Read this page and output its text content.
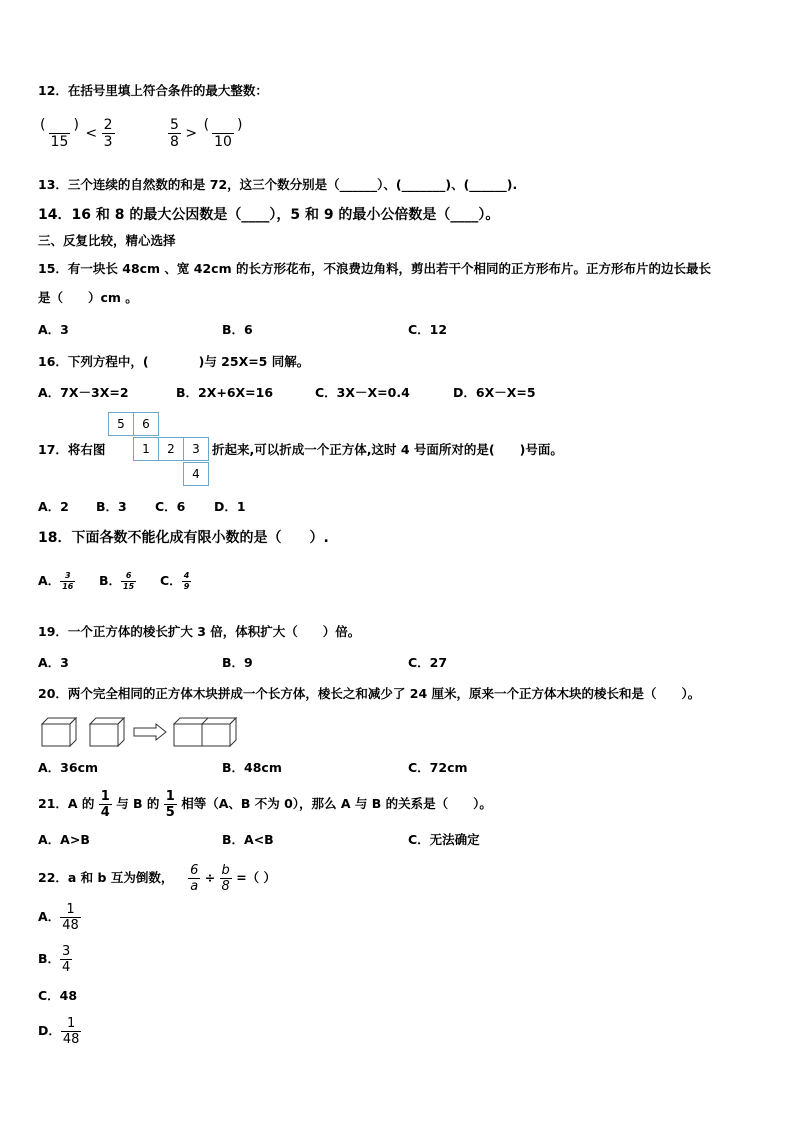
12．在括号里填上符合条件的最大整数：
$\frac{( )}{15} < \frac{2}{3}$	$\frac{5}{8} > \frac{( )}{10}$
13．三个连续的自然数的和是 72，这三个数分别是（______）、(_______)、(______).
14．16 和 8 的最大公因数是（____），5 和 9 的最小公倍数是（____）。
三、反复比较，精心选择
15．有一块长 48cm 、宽 42cm 的长方形花布，不浪费边角料，剪出若干个相同的正方形布片。正方形布片的边长最长
是（　　）cm 。
A．3	B．6	C．12
16．下列方程中，(　　　　)与 25X=5 同解。
A．7X－3X=2	B．2X+6X=16	C．3X－X=0.4	D．6X－X=5
17．将右图
5	6
1	2	3
4
折起来,可以折成一个正方体,这时 4 号面所对的是(　　)号面。
A．2 B．3 C．6 D．1
18．下面各数不能化成有限小数的是（　　）.
A． $\frac{3}{16}$ B． $\frac{6}{15}$ C． $\frac{4}{9}$
19．一个正方体的棱长扩大 3 倍，体积扩大（　　）倍。
A．3	B．9	C．27
20．两个完全相同的正方体木块拼成一个长方体，棱长之和减少了 24 厘米，原来一个正方体木块的棱长和是（　　）。
A．36cm	B．48cm	C．72cm
21．A 的 $\frac{1}{4}$ 与 B 的 $\frac{1}{5}$ 相等（A、B 不为 0），那么 A 与 B 的关系是（　　）。
A．A>B	B．A<B	C．无法确定
22．a 和 b 互为倒数， $\frac{6}{a} \div \frac{b}{8}$ =（ ）
A． $\frac{1}{48}$
B． $\frac{3}{4}$
C．48
D． $\frac{1}{48}$
